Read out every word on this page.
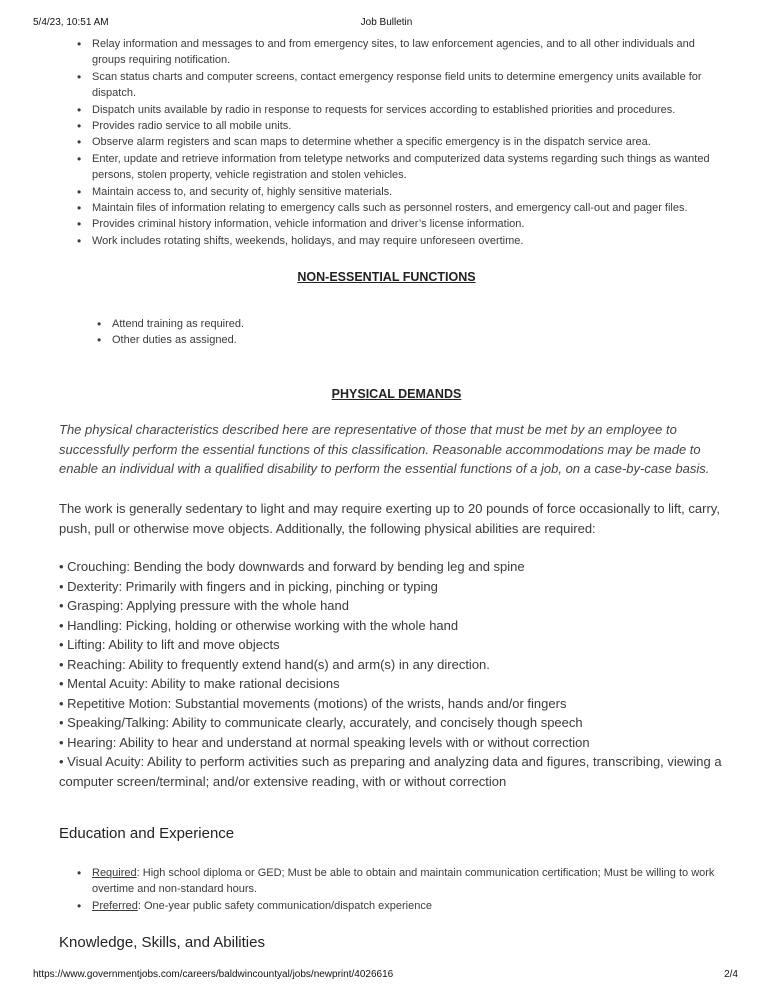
5/4/23, 10:51 AM	Job Bulletin
• Relay information and messages to and from emergency sites, to law enforcement agencies, and to all other individuals and groups requiring notification.
• Scan status charts and computer screens, contact emergency response field units to determine emergency units available for dispatch.
• Dispatch units available by radio in response to requests for services according to established priorities and procedures.
• Provides radio service to all mobile units.
• Observe alarm registers and scan maps to determine whether a specific emergency is in the dispatch service area.
• Enter, update and retrieve information from teletype networks and computerized data systems regarding such things as wanted persons, stolen property, vehicle registration and stolen vehicles.
• Maintain access to, and security of, highly sensitive materials.
• Maintain files of information relating to emergency calls such as personnel rosters, and emergency call-out and pager files.
• Provides criminal history information, vehicle information and driver’s license information.
• Work includes rotating shifts, weekends, holidays, and may require unforeseen overtime.
NON-ESSENTIAL FUNCTIONS
• Attend training as required.
• Other duties as assigned.
PHYSICAL DEMANDS
The physical characteristics described here are representative of those that must be met by an employee to successfully perform the essential functions of this classification. Reasonable accommodations may be made to enable an individual with a qualified disability to perform the essential functions of a job, on a case-by-case basis.
The work is generally sedentary to light and may require exerting up to 20 pounds of force occasionally to lift, carry, push, pull or otherwise move objects. Additionally, the following physical abilities are required:
• Crouching: Bending the body downwards and forward by bending leg and spine
• Dexterity: Primarily with fingers and in picking, pinching or typing
• Grasping: Applying pressure with the whole hand
• Handling: Picking, holding or otherwise working with the whole hand
• Lifting: Ability to lift and move objects
• Reaching: Ability to frequently extend hand(s) and arm(s) in any direction.
• Mental Acuity: Ability to make rational decisions
• Repetitive Motion: Substantial movements (motions) of the wrists, hands and/or fingers
• Speaking/Talking: Ability to communicate clearly, accurately, and concisely though speech
• Hearing: Ability to hear and understand at normal speaking levels with or without correction
• Visual Acuity: Ability to perform activities such as preparing and analyzing data and figures, transcribing, viewing a computer screen/terminal; and/or extensive reading, with or without correction
Education and Experience
• Required: High school diploma or GED; Must be able to obtain and maintain communication certification; Must be willing to work overtime and non-standard hours.
• Preferred: One-year public safety communication/dispatch experience
Knowledge, Skills, and Abilities
https://www.governmentjobs.com/careers/baldwincountyal/jobs/newprint/4026616	2/4
